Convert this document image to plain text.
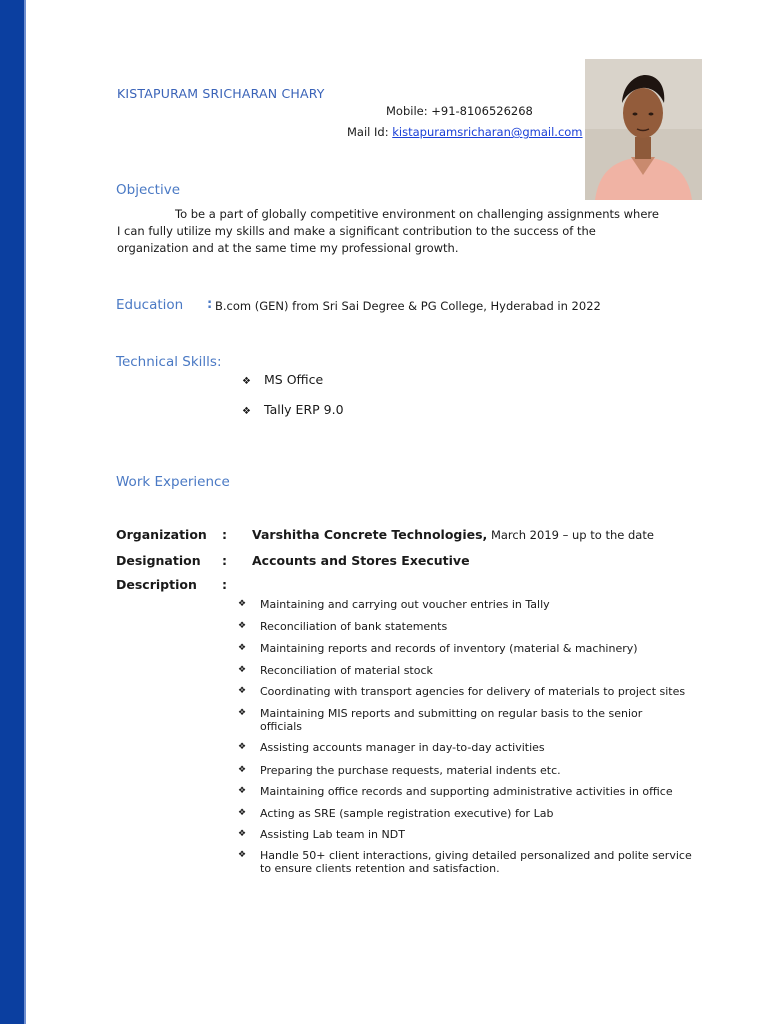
KISTAPURAM SRICHARAN CHARY
Mobile: +91-8106526268
Mail Id: kistapuramsricharan@gmail.com
Objective
To be a part of globally competitive environment on challenging assignments where I can fully utilize my skills and make a significant contribution to the success of the organization and at the same time my professional growth.
Education : B.com (GEN) from Sri Sai Degree & PG College, Hyderabad in 2022
Technical Skills:
❖ MS Office
❖ Tally ERP 9.0
Work Experience
Organization : Varshitha Concrete Technologies, March 2019 – up to the date
Designation : Accounts and Stores Executive
Description :
❖ Maintaining and carrying out voucher entries in Tally
❖ Reconciliation of bank statements
❖ Maintaining reports and records of inventory (material & machinery)
❖ Reconciliation of material stock
❖ Coordinating with transport agencies for delivery of materials to project sites
❖ Maintaining MIS reports and submitting on regular basis to the senior officials
❖ Assisting accounts manager in day-to-day activities
❖ Preparing the purchase requests, material indents etc.
❖ Maintaining office records and supporting administrative activities in office
❖ Acting as SRE (sample registration executive) for Lab
❖ Assisting Lab team in NDT
❖ Handle 50+ client interactions, giving detailed personalized and polite service to ensure clients retention and satisfaction.
